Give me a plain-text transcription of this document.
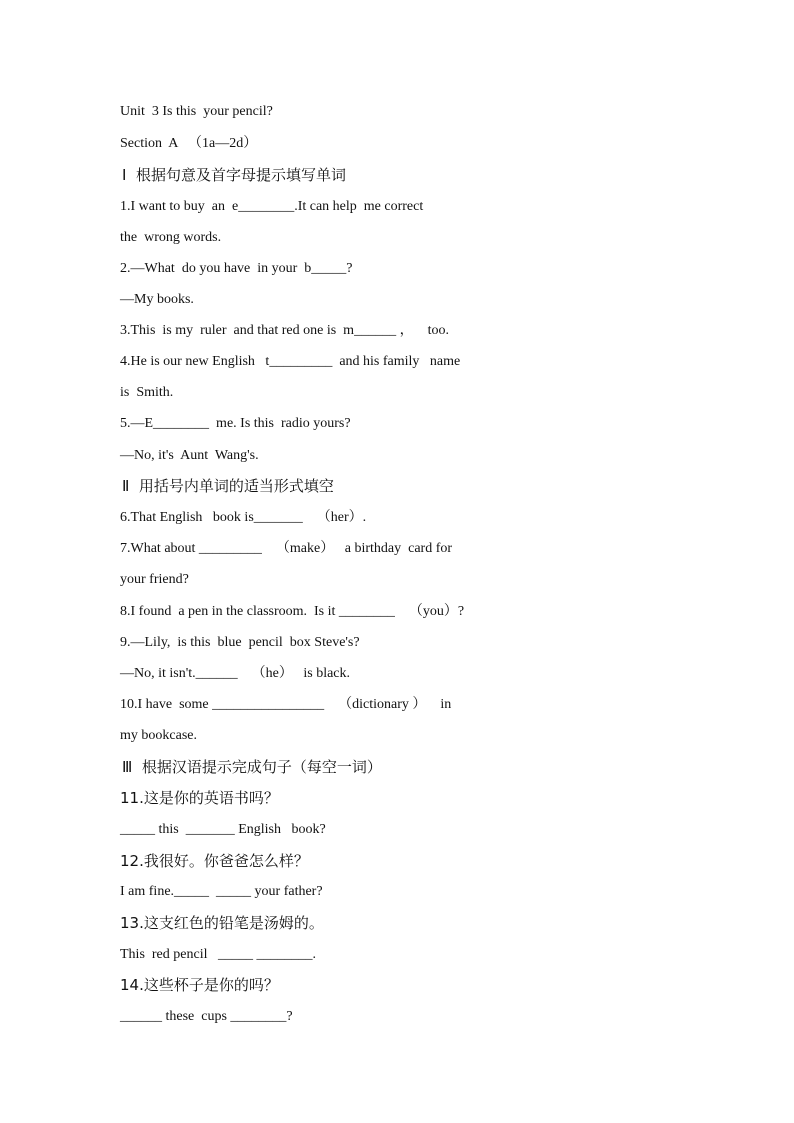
Unit  3 Is this  your pencil?
Section  A   （1a—2d）
Ⅰ  根据句意及首字母提示填写单词
1.I want to buy  an  e________.It can help  me correct
the  wrong words.
2.—What  do you have  in your  b_____?
—My books.
3.This  is my  ruler  and that red one is  m______ ，    too.
4.He is our new English   t_________  and his family   name
is  Smith.
5.—E________  me. Is this  radio yours?
—No, it's  Aunt  Wang's.
Ⅱ  用括号内单词的适当形式填空
6.That English   book is_______    （her）.
7.What about _________    （make）   a birthday  card for
your friend?
8.I found  a pen in the classroom.  Is it ________    （you）?
9.—Lily,  is this  blue  pencil  box Steve's?
—No, it isn't.______    （he）   is black.
10.I have  some ________________    （dictionary ）    in
my bookcase.
Ⅲ  根据汉语提示完成句子（每空一词）
11.这是你的英语书吗？
_____ this  _______ English   book?
12.我很好。你爸爸怎么样？
I am fine._____  _____ your father?
13.这支红色的铅笔是汤姆的。
This  red pencil   _____ ________.
14.这些杯子是你的吗？
______ these  cups ________?
